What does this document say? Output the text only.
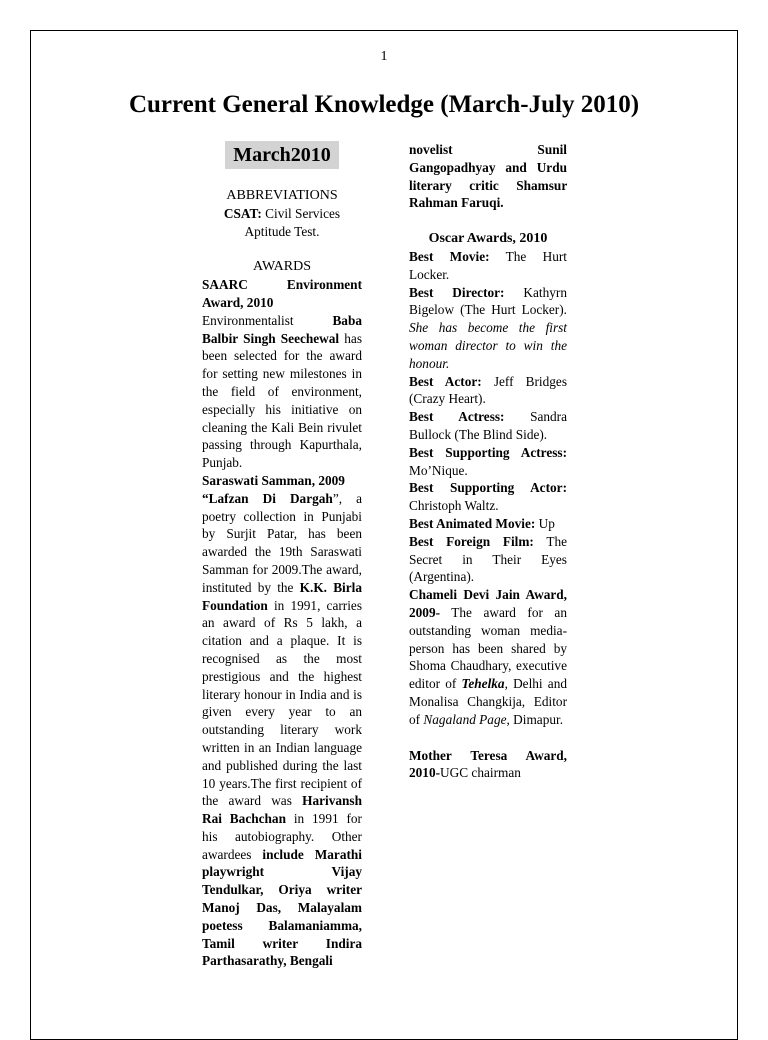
1
Current General Knowledge (March-July 2010)
March2010

ABBREVIATIONS

CSAT: Civil Services Aptitude Test.

AWARDS

SAARC Environment Award, 2010

Environmentalist Baba Balbir Singh Seechewal has been selected for the award for setting new milestones in the field of environment, especially his initiative on cleaning the Kali Bein rivulet passing through Kapurthala, Punjab.

Saraswati Samman, 2009

“Lafzan Di Dargah”, a poetry collection in Punjabi by Surjit Patar, has been awarded the 19th Saraswati Samman for 2009.The award, instituted by the K.K. Birla Foundation in 1991, carries an award of Rs 5 lakh, a citation and a plaque. It is recognised as the most prestigious and the highest literary honour in India and is given every year to an outstanding literary work written in an Indian language and published during the last 10 years.The first recipient of the award was Harivansh Rai Bachchan in 1991 for his autobiography. Other awardees include Marathi playwright Vijay Tendulkar, Oriya writer Manoj Das, Malayalam poetess Balamaniamma, Tamil writer Indira Parthasarathy, Bengali

novelist Sunil Gangopadhyay and Urdu literary critic Shamsur Rahman Faruqi.

Oscar Awards, 2010

Best Movie: The Hurt Locker.

Best Director: Kathyrn Bigelow (The Hurt Locker). She has become the first woman director to win the honour.

Best Actor: Jeff Bridges (Crazy Heart).

Best Actress: Sandra Bullock (The Blind Side).

Best Supporting Actress: Mo’Nique.

Best Supporting Actor: Christoph Waltz.

Best Animated Movie: Up

Best Foreign Film: The Secret in Their Eyes (Argentina).

Chameli Devi Jain Award, 2009- The award for an outstanding woman media-person has been shared by Shoma Chaudhary, executive editor of Tehelka, Delhi and Monalisa Changkija, Editor of Nagaland Page, Dimapur.

Mother Teresa Award, 2010-UGC chairman
